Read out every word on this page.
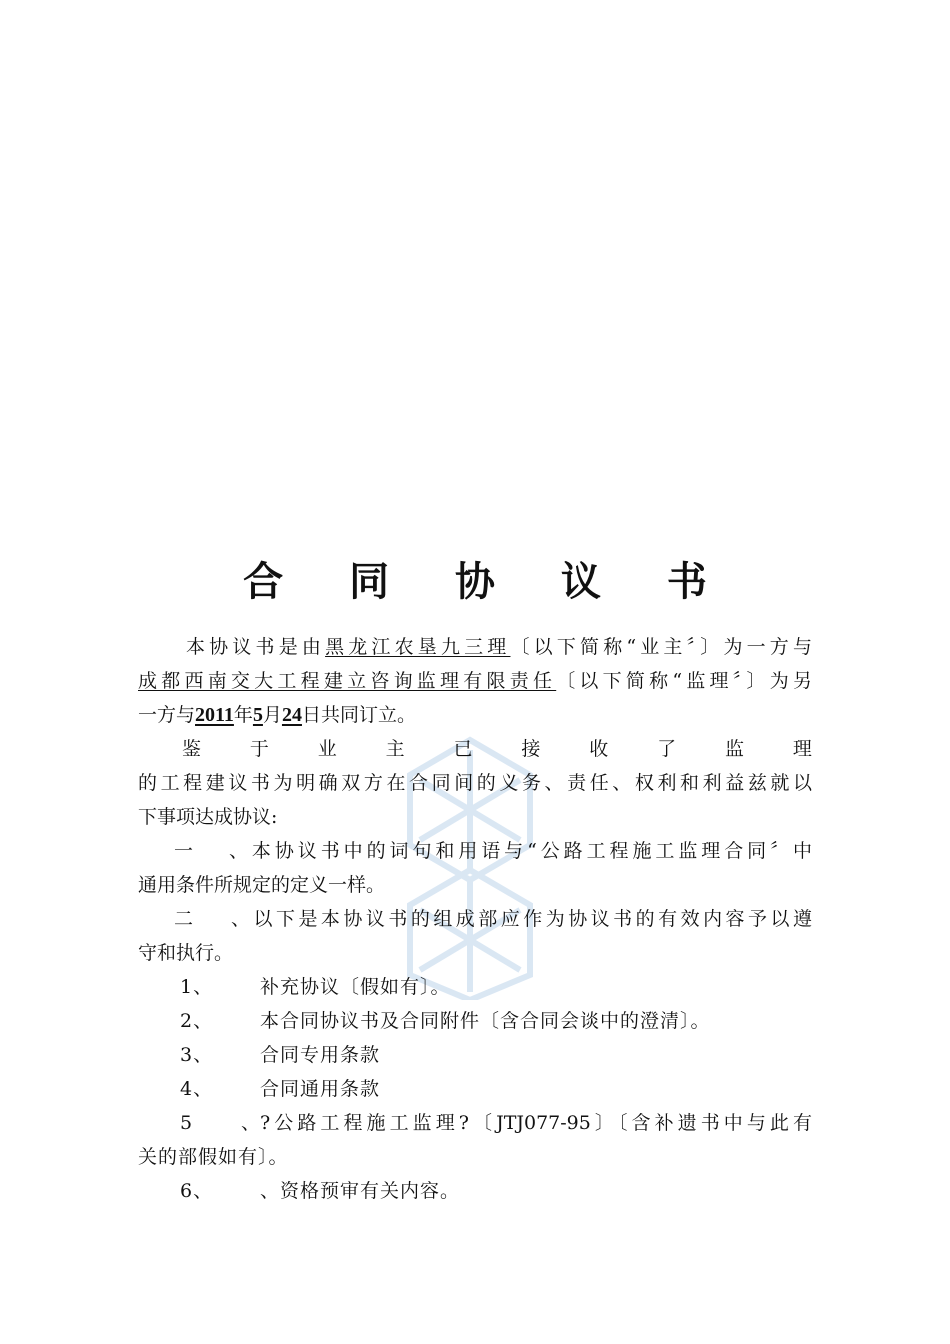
合 同 协 议 书
本协议书是由黑龙江农垦九三理〔以下简称“业主〞〕为一方与
成都西南交大工程建立咨询监理有限责任〔以下简称“监理〞〕为另
一方与2011年5月24日共同订立。
鉴	于	业	主	已	接	收	了	监	理
的工程建议书为明确双方在合同间的义务、责任、权利和利益兹就以
下事项达成协议:
一、本协议书中的词句和用语与“公路工程施工监理合同〞中
通用条件所规定的定义一样。
二、以下是本协议书的组成部应作为协议书的有效内容予以遵
守和执行。
1、 补充协议〔假如有〕。
2、 本合同协议书及合同附件〔含合同会谈中的澄清〕。
3、 合同专用条款
4、 合同通用条款
5、?公路工程施工监理?〔JTJ077-95〕〔含补遗书中与此有
关的部假如有〕。
6、 、资格预审有关内容。
